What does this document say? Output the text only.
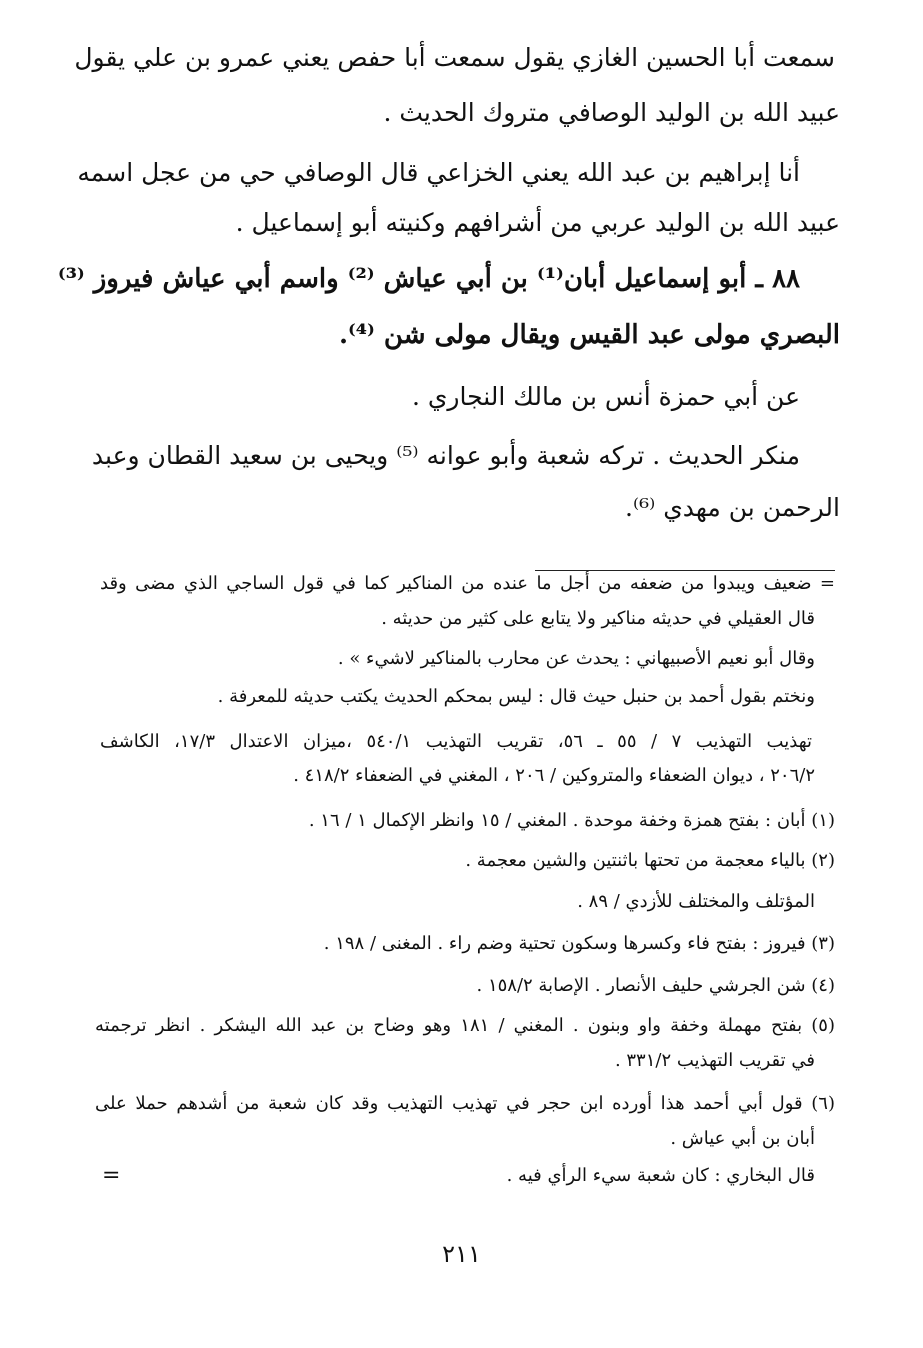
سمعت أبا الحسين الغازي يقول سمعت أبا حفص يعني عمرو بن علي يقول
عبيد الله بن الوليد الوصافي متروك الحديث .
أنا إبراهيم بن عبد الله يعني الخزاعي قال الوصافي حي من عجل اسمه
عبيد الله بن الوليد عربي من أشرافهم وكنيته أبو إسماعيل .
٨٨ ـ أبو إسماعيل أبان⁽¹⁾ بن أبي عياش ⁽²⁾ واسم أبي عياش فيروز ⁽³⁾
البصري مولى عبد القيس ويقال مولى شن ⁽⁴⁾.
عن أبي حمزة أنس بن مالك النجاري .
منكر الحديث . تركه شعبة وأبو عوانه ⁽⁵⁾ ويحيى بن سعيد القطان وعبد
الرحمن بن مهدي ⁽⁶⁾.
= ضعيف ويبدوا من ضعفه من أجل ما عنده من المناكير كما في قول الساجي الذي مضى وقد
قال العقيلي في حديثه مناكير ولا يتابع على كثير من حديثه .
وقال أبو نعيم الأصبيهاني : يحدث عن محارب بالمناكير لاشيء » .
ونختم بقول أحمد بن حنبل حيث قال : ليس بمحكم الحديث يكتب حديثه للمعرفة .
تهذيب التهذيب ٧ / ٥٥ ـ ٥٦، تقريب التهذيب ٥٤٠/١ ،ميزان الاعتدال ١٧/٣، الكاشف
٢٠٦/٢ ، ديوان الضعفاء والمتروكين / ٢٠٦ ، المغني في الضعفاء ٤١٨/٢ .
(١) أبان : بفتح همزة وخفة موحدة . المغني / ١٥ وانظر الإكمال ١ / ١٦ .
(٢) بالياء معجمة من تحتها باثنتين والشين معجمة .
المؤتلف والمختلف للأزدي / ٨٩ .
(٣) فيروز : بفتح فاء وكسرها وسكون تحتية وضم راء . المغنى / ١٩٨ .
(٤) شن الجرشي حليف الأنصار . الإصابة ١٥٨/٢ .
(٥) بفتح مهملة وخفة واو وبنون . المغني / ١٨١ وهو وضاح بن عبد الله اليشكر . انظر ترجمته
في تقريب التهذيب ٣٣١/٢ .
(٦) قول أبي أحمد هذا أورده ابن حجر في تهذيب التهذيب وقد كان شعبة من أشدهم حملا على
أبان بن أبي عياش .
قال البخاري : كان شعبة سيء الرأي فيه .
=
٢١١
